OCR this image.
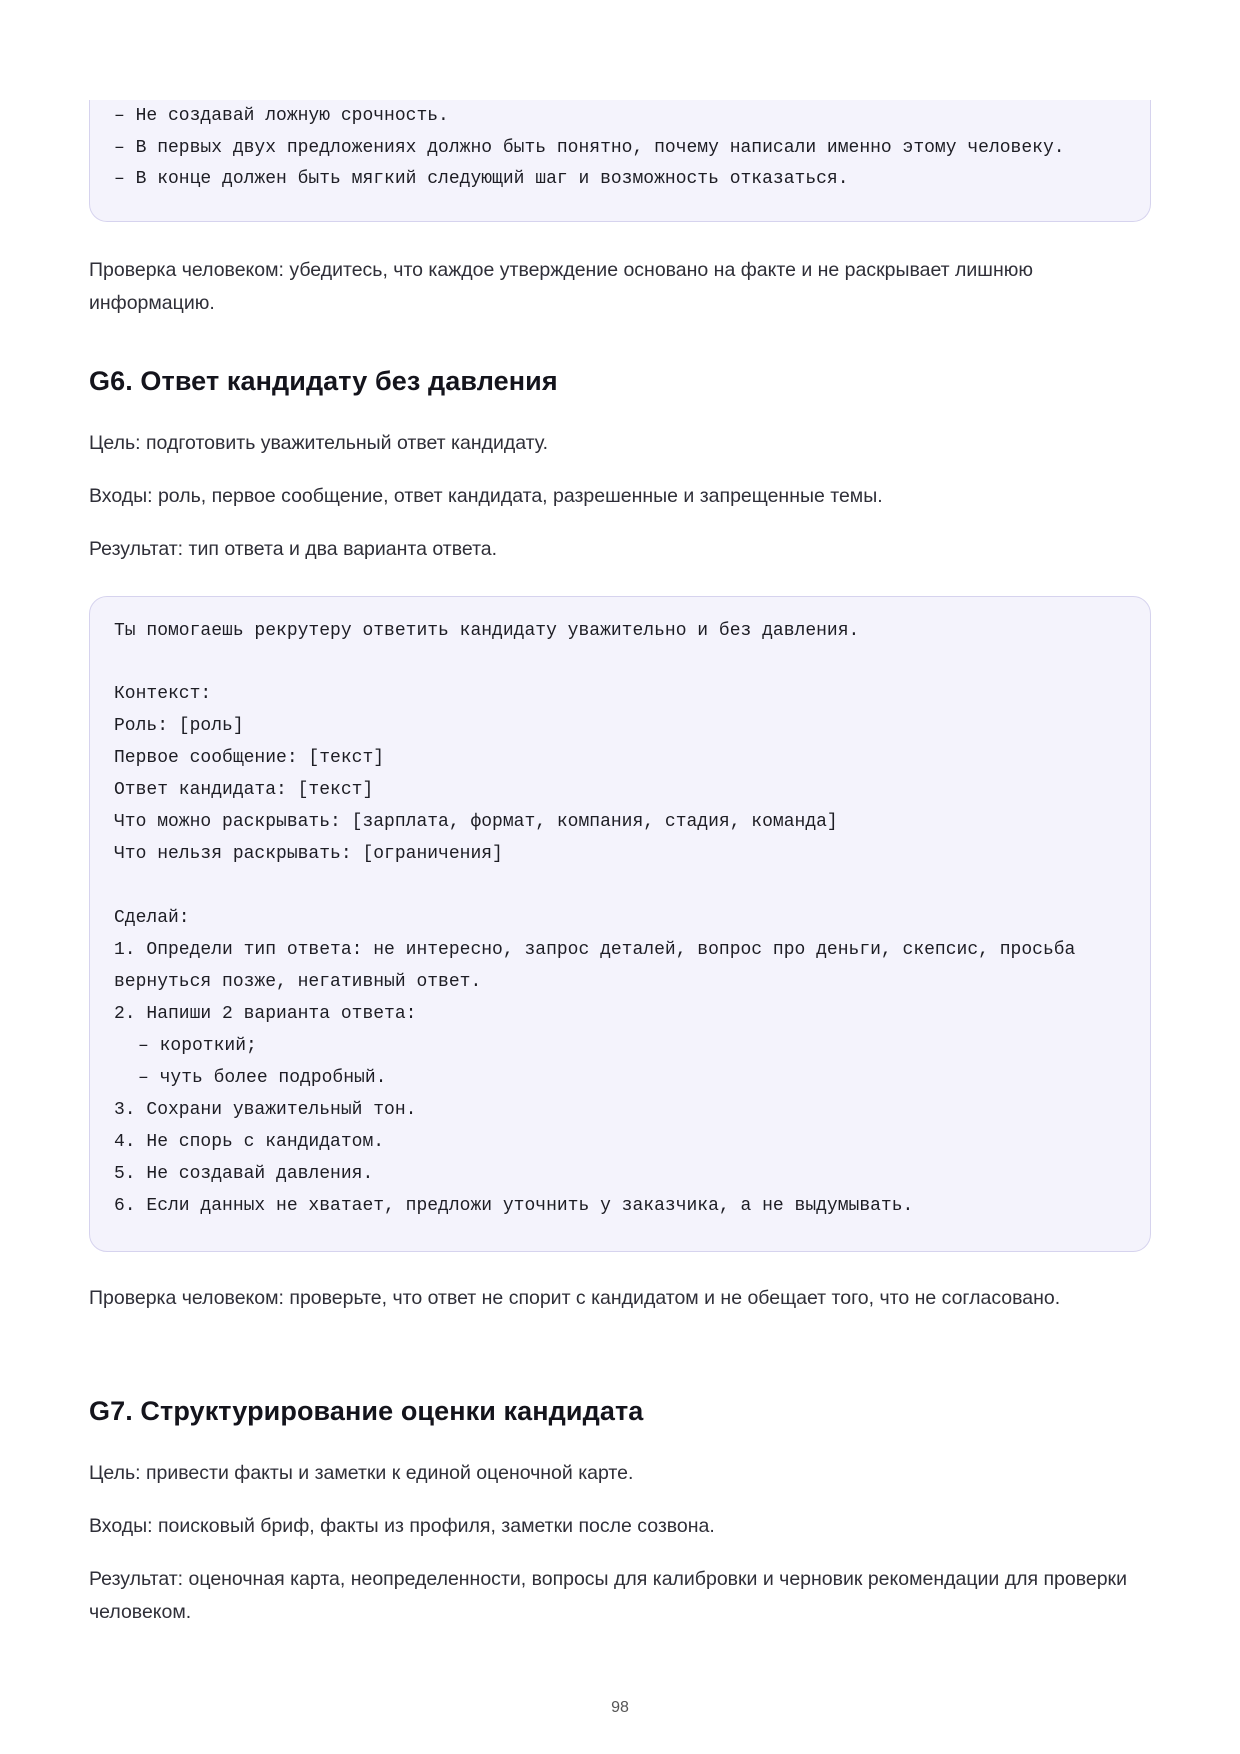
– Не создавай ложную срочность.
– В первых двух предложениях должно быть понятно, почему написали именно этому человеку.
– В конце должен быть мягкий следующий шаг и возможность отказаться.
Проверка человеком: убедитесь, что каждое утверждение основано на факте и не раскрывает лишнюю информацию.
G6. Ответ кандидату без давления
Цель: подготовить уважительный ответ кандидату.
Входы: роль, первое сообщение, ответ кандидата, разрешенные и запрещенные темы.
Результат: тип ответа и два варианта ответа.
Ты помогаешь рекрутеру ответить кандидату уважительно и без давления.
Контекст:
Роль: [роль]
Первое сообщение: [текст]
Ответ кандидата: [текст]
Что можно раскрывать: [зарплата, формат, компания, стадия, команда]
Что нельзя раскрывать: [ограничения]
Сделай:
1. Определи тип ответа: не интересно, запрос деталей, вопрос про деньги, скепсис, просьба
вернуться позже, негативный ответ.
2. Напиши 2 варианта ответа:
– короткий;
– чуть более подробный.
3. Сохрани уважительный тон.
4. Не спорь с кандидатом.
5. Не создавай давления.
6. Если данных не хватает, предложи уточнить у заказчика, а не выдумывать.
Проверка человеком: проверьте, что ответ не спорит с кандидатом и не обещает того, что не согласовано.
G7. Структурирование оценки кандидата
Цель: привести факты и заметки к единой оценочной карте.
Входы: поисковый бриф, факты из профиля, заметки после созвона.
Результат: оценочная карта, неопределенности, вопросы для калибровки и черновик рекомендации для проверки человеком.
98
